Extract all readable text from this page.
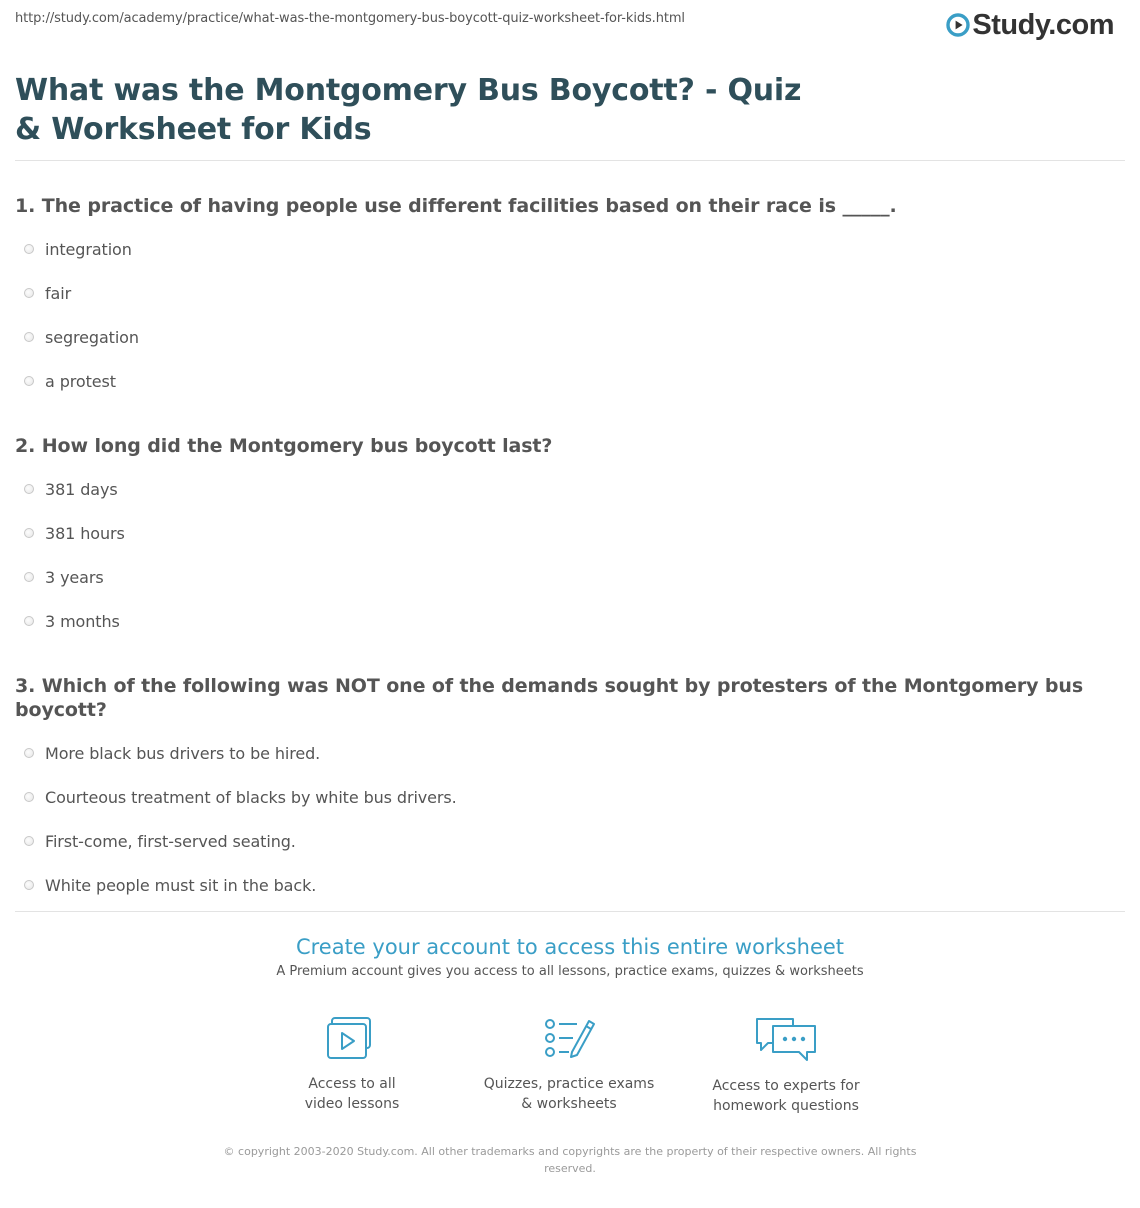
http://study.com/academy/practice/what-was-the-montgomery-bus-boycott-quiz-worksheet-for-kids.html	Study.com
What was the Montgomery Bus Boycott? - Quiz & Worksheet for Kids

1. The practice of having people use different facilities based on their race is _____.

integration
fair
segregation
a protest

2. How long did the Montgomery bus boycott last?

381 days
381 hours
3 years
3 months

3. Which of the following was NOT one of the demands sought by protesters of the Montgomery bus boycott?

More black bus drivers to be hired.
Courteous treatment of blacks by white bus drivers.
First-come, first-served seating.
White people must sit in the back.

Create your account to access this entire worksheet

A Premium account gives you access to all lessons, practice exams, quizzes & worksheets

Access to all
video lessons
Quizzes, practice exams
& worksheets
Access to experts for
homework questions
© copyright 2003-2020 Study.com. All other trademarks and copyrights are the property of their respective owners. All rights reserved.
